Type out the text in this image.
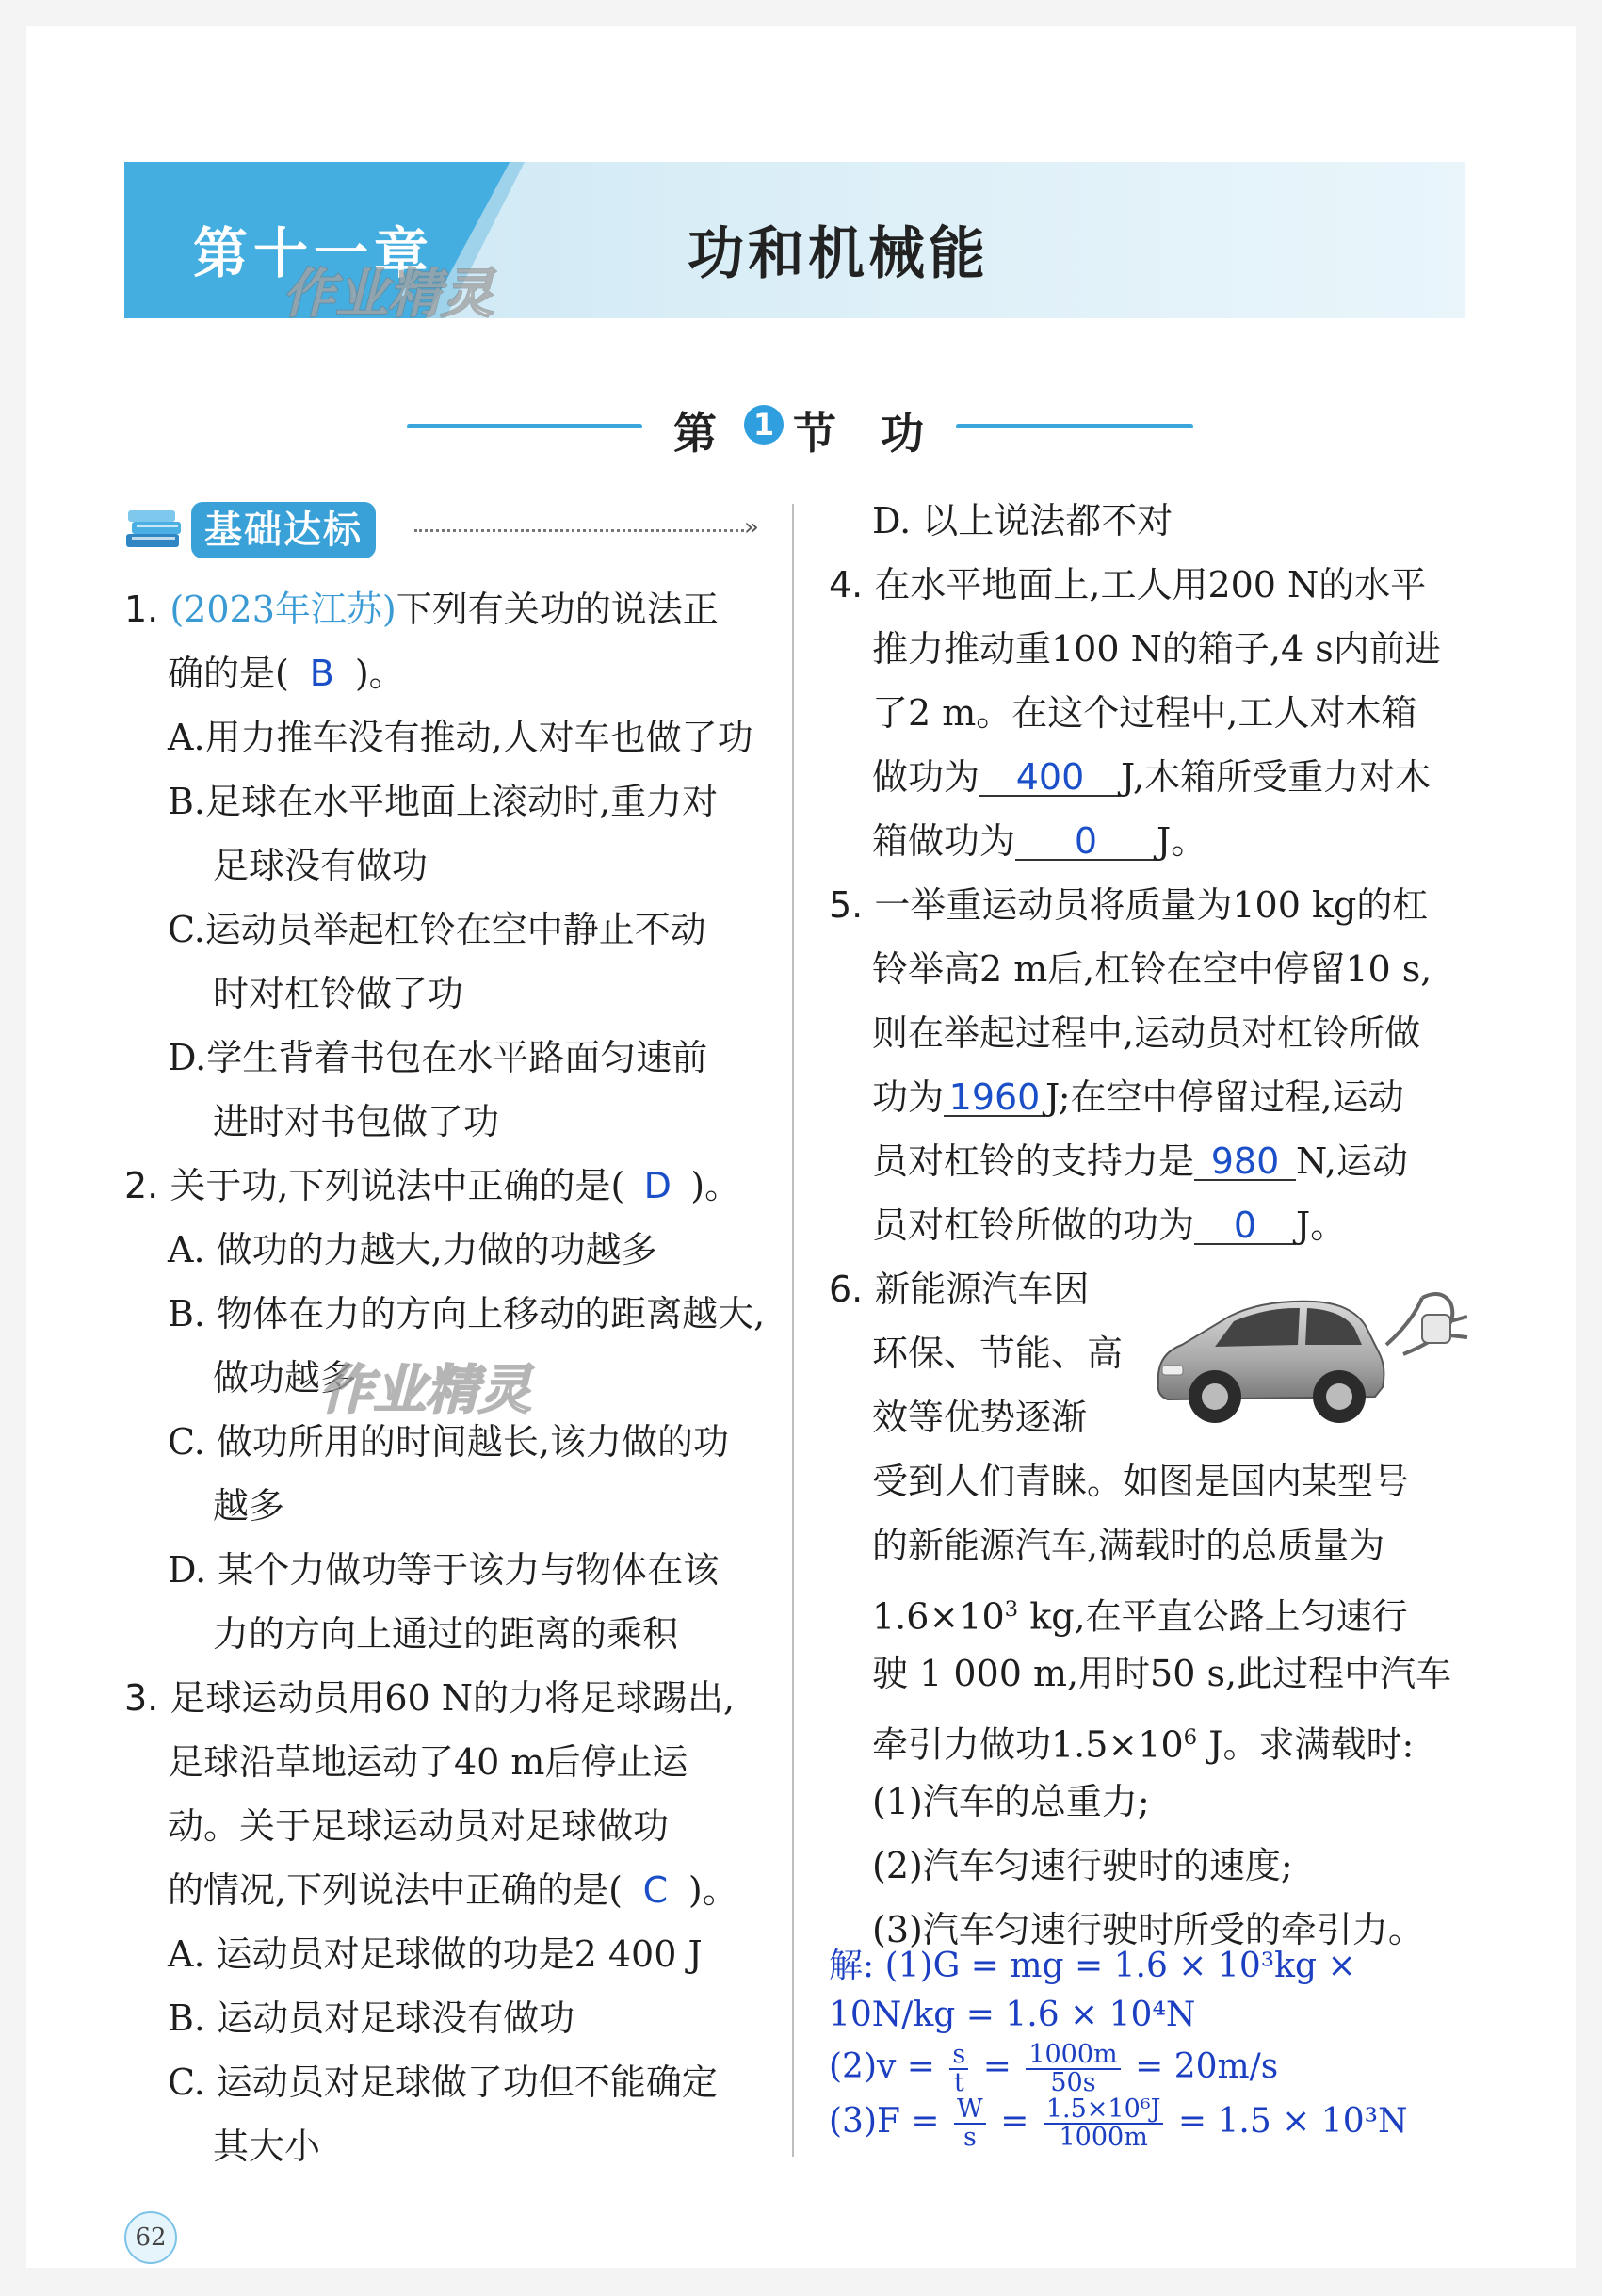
第十一章	功和机械能
作业精灵
第	1 节 功
基础达标	»
1. (2023年江苏)下列有关功的说法正
确的是( B )。
A.用力推车没有推动,人对车也做了功
B.足球在水平地面上滚动时,重力对
足球没有做功
C.运动员举起杠铃在空中静止不动
时对杠铃做了功
D.学生背着书包在水平路面匀速前
进时对书包做了功
2. 关于功,下列说法中正确的是( D )。
A. 做功的力越大,力做的功越多
B. 物体在力的方向上移动的距离越大,
做功越多
作业精灵
C. 做功所用的时间越长,该力做的功
越多
D. 某个力做功等于该力与物体在该
力的方向上通过的距离的乘积
3. 足球运动员用60 N的力将足球踢出,
足球沿草地运动了40 m后停止运
动。关于足球运动员对足球做功
的情况,下列说法中正确的是( C )。
A. 运动员对足球做的功是2 400 J
B. 运动员对足球没有做功
C. 运动员对足球做了功但不能确定
其大小
D. 以上说法都不对
4. 在水平地面上,工人用200 N的水平
推力推动重100 N的箱子,4 s内前进
了2 m。在这个过程中,工人对木箱
做功为 400 J,木箱所受重力对木
箱做功为 0 J。
5. 一举重运动员将质量为100 kg的杠
铃举高2 m后,杠铃在空中停留10 s,
则在举起过程中,运动员对杠铃所做
功为 1960 J;在空中停留过程,运动
员对杠铃的支持力是 980 N,运动
员对杠铃所做的功为 0 J。
6. 新能源汽车因
环保、节能、高
效等优势逐渐
受到人们青睐。如图是国内某型号
的新能源汽车,满载时的总质量为
$1.6\times 10^3$ kg,在平直公路上匀速行
驶 1 000 m,用时50 s,此过程中汽车
牵引力做功$1.5\times 10^6$ J。求满载时:
(1)汽车的总重力;
(2)汽车匀速行驶时的速度;
(3)汽车匀速行驶时所受的牵引力。
解: (1)G = mg = 1.6 × 10³kg ×
10N/kg = 1.6 × 10⁴N
$(2)v = \frac{s}{t} = \frac{1000m}{50s} = 20m/s$
$(3)F = \frac{W}{s} = \frac{\text{1.5×10⁶J}}{1000m} = 1.5 \times 10^3N$
62
